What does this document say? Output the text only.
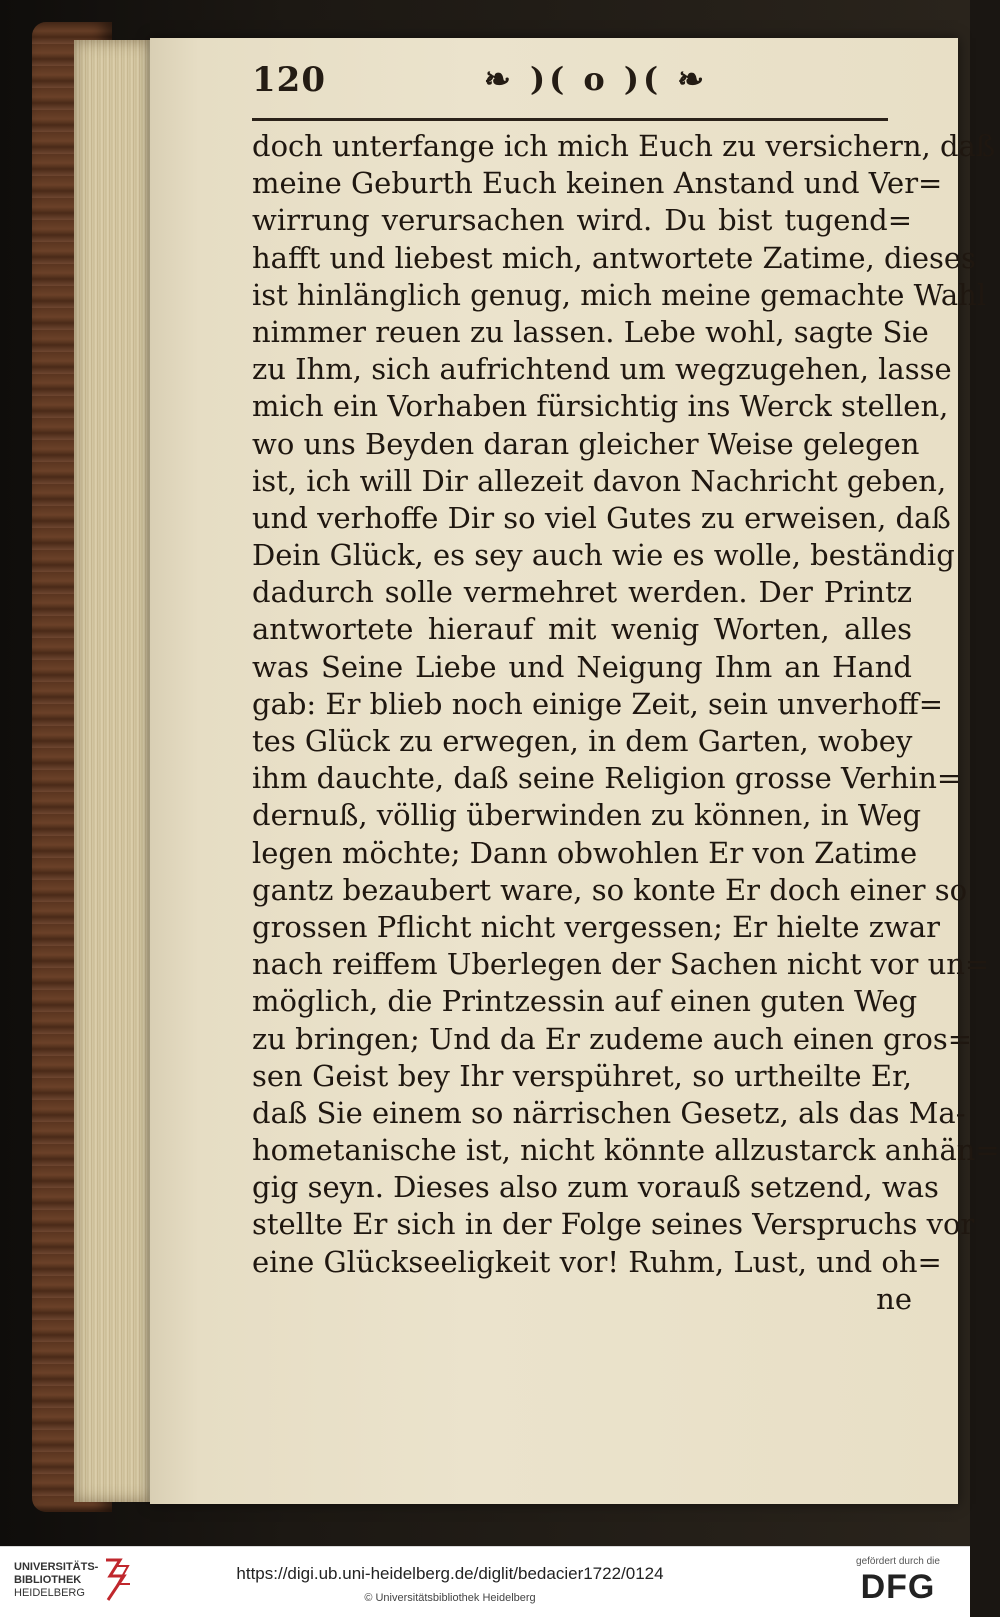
120	❧ )( o )( ❧
doch unterfange ich mich Euch zu versichern, daß
meine Geburth Euch keinen Anstand und Ver=
wirrung verursachen wird. Du bist tugend=
hafft und liebest mich, antwortete Zatime, dieses
ist hinlänglich genug, mich meine gemachte Wahl
nimmer reuen zu lassen. Lebe wohl, sagte Sie
zu Ihm, sich aufrichtend um wegzugehen, lasse
mich ein Vorhaben fürsichtig ins Werck stellen,
wo uns Beyden daran gleicher Weise gelegen
ist, ich will Dir allezeit davon Nachricht geben,
und verhoffe Dir so viel Gutes zu erweisen, daß
Dein Glück, es sey auch wie es wolle, beständig
dadurch solle vermehret werden. Der Printz
antwortete hierauf mit wenig Worten, alles
was Seine Liebe und Neigung Ihm an Hand
gab: Er blieb noch einige Zeit, sein unverhoff=
tes Glück zu erwegen, in dem Garten, wobey
ihm dauchte, daß seine Religion grosse Verhin=
dernuß, völlig überwinden zu können, in Weg
legen möchte; Dann obwohlen Er von Zatime
gantz bezaubert ware, so konte Er doch einer so
grossen Pflicht nicht vergessen; Er hielte zwar
nach reiffem Uberlegen der Sachen nicht vor un=
möglich, die Printzessin auf einen guten Weg
zu bringen; Und da Er zudeme auch einen gros=
sen Geist bey Ihr verspühret, so urtheilte Er,
daß Sie einem so närrischen Gesetz, als das Ma-
hometanische ist, nicht könnte allzustarck anhän=
gig seyn. Dieses also zum vorauß setzend, was
stellte Er sich in der Folge seines Verspruchs vor
eine Glückseeligkeit vor! Ruhm, Lust, und oh=
ne
UNIVERSITÄTS-
BIBLIOTHEK
HEIDELBERG
https://digi.ub.uni-heidelberg.de/diglit/bedacier1722/0124
© Universitätsbibliothek Heidelberg
gefördert durch die
DFG
